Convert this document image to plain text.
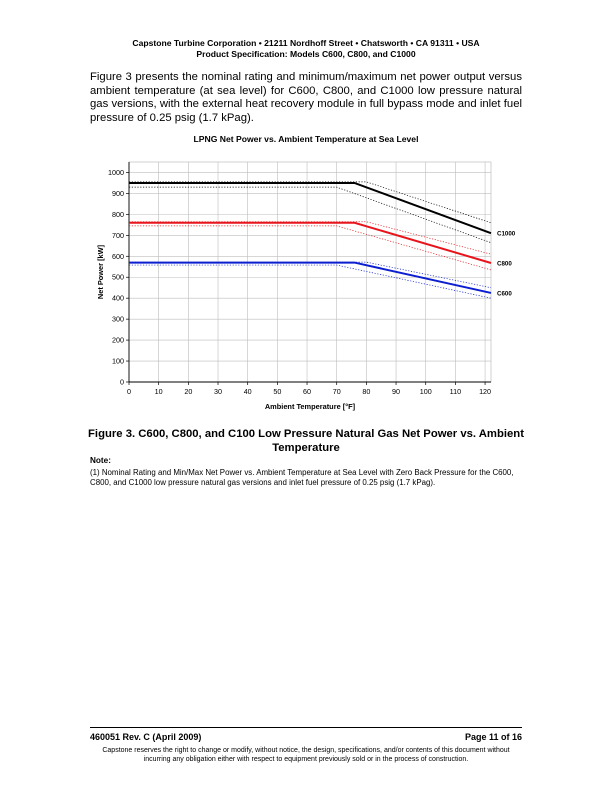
Capstone Turbine Corporation • 21211 Nordhoff Street • Chatsworth • CA 91311 • USA
Product Specification: Models C600, C800, and C1000
Figure 3 presents the nominal rating and minimum/maximum net power output versus ambient temperature (at sea level) for C600, C800, and C1000 low pressure natural gas versions, with the external heat recovery module in full bypass mode and inlet fuel pressure of 0.25 psig (1.7 kPag).
LPNG Net Power vs. Ambient Temperature at Sea Level
0
100
200
300
400
500
600
700
800
900
1000
0	10	20	30	40	50	60	70	80	90	100 110 120
C1000
C800
C600
Ambient Temperature [°F]
Net Power [kW]
Figure 3. C600, C800, and C100 Low Pressure Natural Gas Net Power vs. Ambient Temperature
Note:
(1) Nominal Rating and Min/Max Net Power vs. Ambient Temperature at Sea Level with Zero Back Pressure for the C600, C800, and C1000 low pressure natural gas versions and inlet fuel pressure of 0.25 psig (1.7 kPag).
460051 Rev. C (April 2009)	Page 11 of 16
Capstone reserves the right to change or modify, without notice, the design, specifications, and/or contents of this document without incurring any obligation either with respect to equipment previously sold or in the process of construction.
